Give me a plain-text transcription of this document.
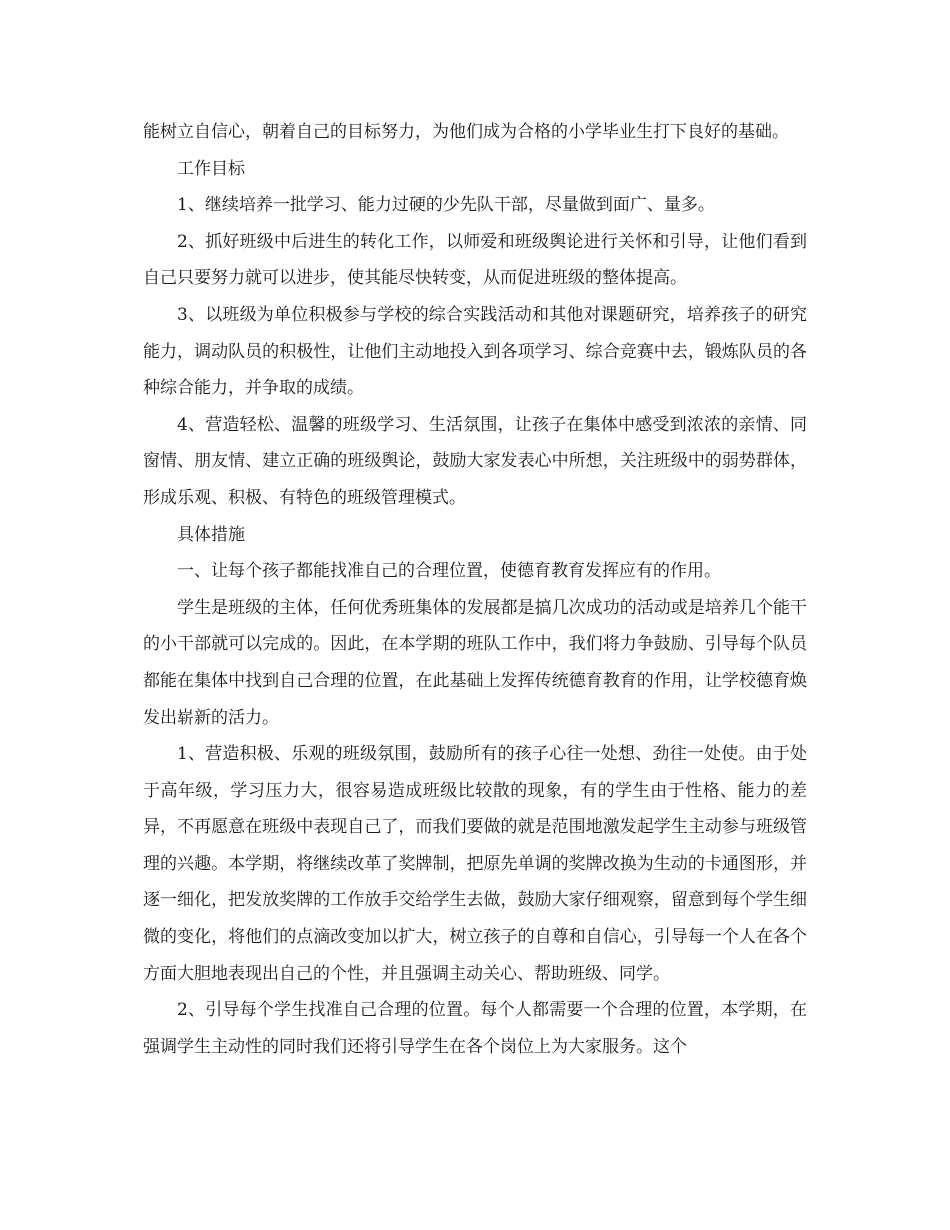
能树立自信心，朝着自己的目标努力，为他们成为合格的小学毕业生打下良好的基础。

工作目标

1、继续培养一批学习、能力过硬的少先队干部，尽量做到面广、量多。

2、抓好班级中后进生的转化工作，以师爱和班级舆论进行关怀和引导，让他们看到自己只要努力就可以进步，使其能尽快转变，从而促进班级的整体提高。

3、以班级为单位积极参与学校的综合实践活动和其他对课题研究，培养孩子的研究能力，调动队员的积极性，让他们主动地投入到各项学习、综合竞赛中去，锻炼队员的各种综合能力，并争取的成绩。

4、营造轻松、温馨的班级学习、生活氛围，让孩子在集体中感受到浓浓的亲情、同窗情、朋友情、建立正确的班级舆论，鼓励大家发表心中所想，关注班级中的弱势群体，形成乐观、积极、有特色的班级管理模式。

具体措施

一、让每个孩子都能找准自己的合理位置，使德育教育发挥应有的作用。

学生是班级的主体，任何优秀班集体的发展都是搞几次成功的活动或是培养几个能干的小干部就可以完成的。因此，在本学期的班队工作中，我们将力争鼓励、引导每个队员都能在集体中找到自己合理的位置，在此基础上发挥传统德育教育的作用，让学校德育焕发出崭新的活力。

1、营造积极、乐观的班级氛围，鼓励所有的孩子心往一处想、劲往一处使。由于处于高年级，学习压力大，很容易造成班级比较散的现象，有的学生由于性格、能力的差异，不再愿意在班级中表现自己了，而我们要做的就是范围地激发起学生主动参与班级管理的兴趣。本学期，将继续改革了奖牌制，把原先单调的奖牌改换为生动的卡通图形，并逐一细化，把发放奖牌的工作放手交给学生去做，鼓励大家仔细观察，留意到每个学生细微的变化，将他们的点滴改变加以扩大，树立孩子的自尊和自信心，引导每一个人在各个方面大胆地表现出自己的个性，并且强调主动关心、帮助班级、同学。

2、引导每个学生找准自己合理的位置。每个人都需要一个合理的位置，本学期，在强调学生主动性的同时我们还将引导学生在各个岗位上为大家服务。这个
